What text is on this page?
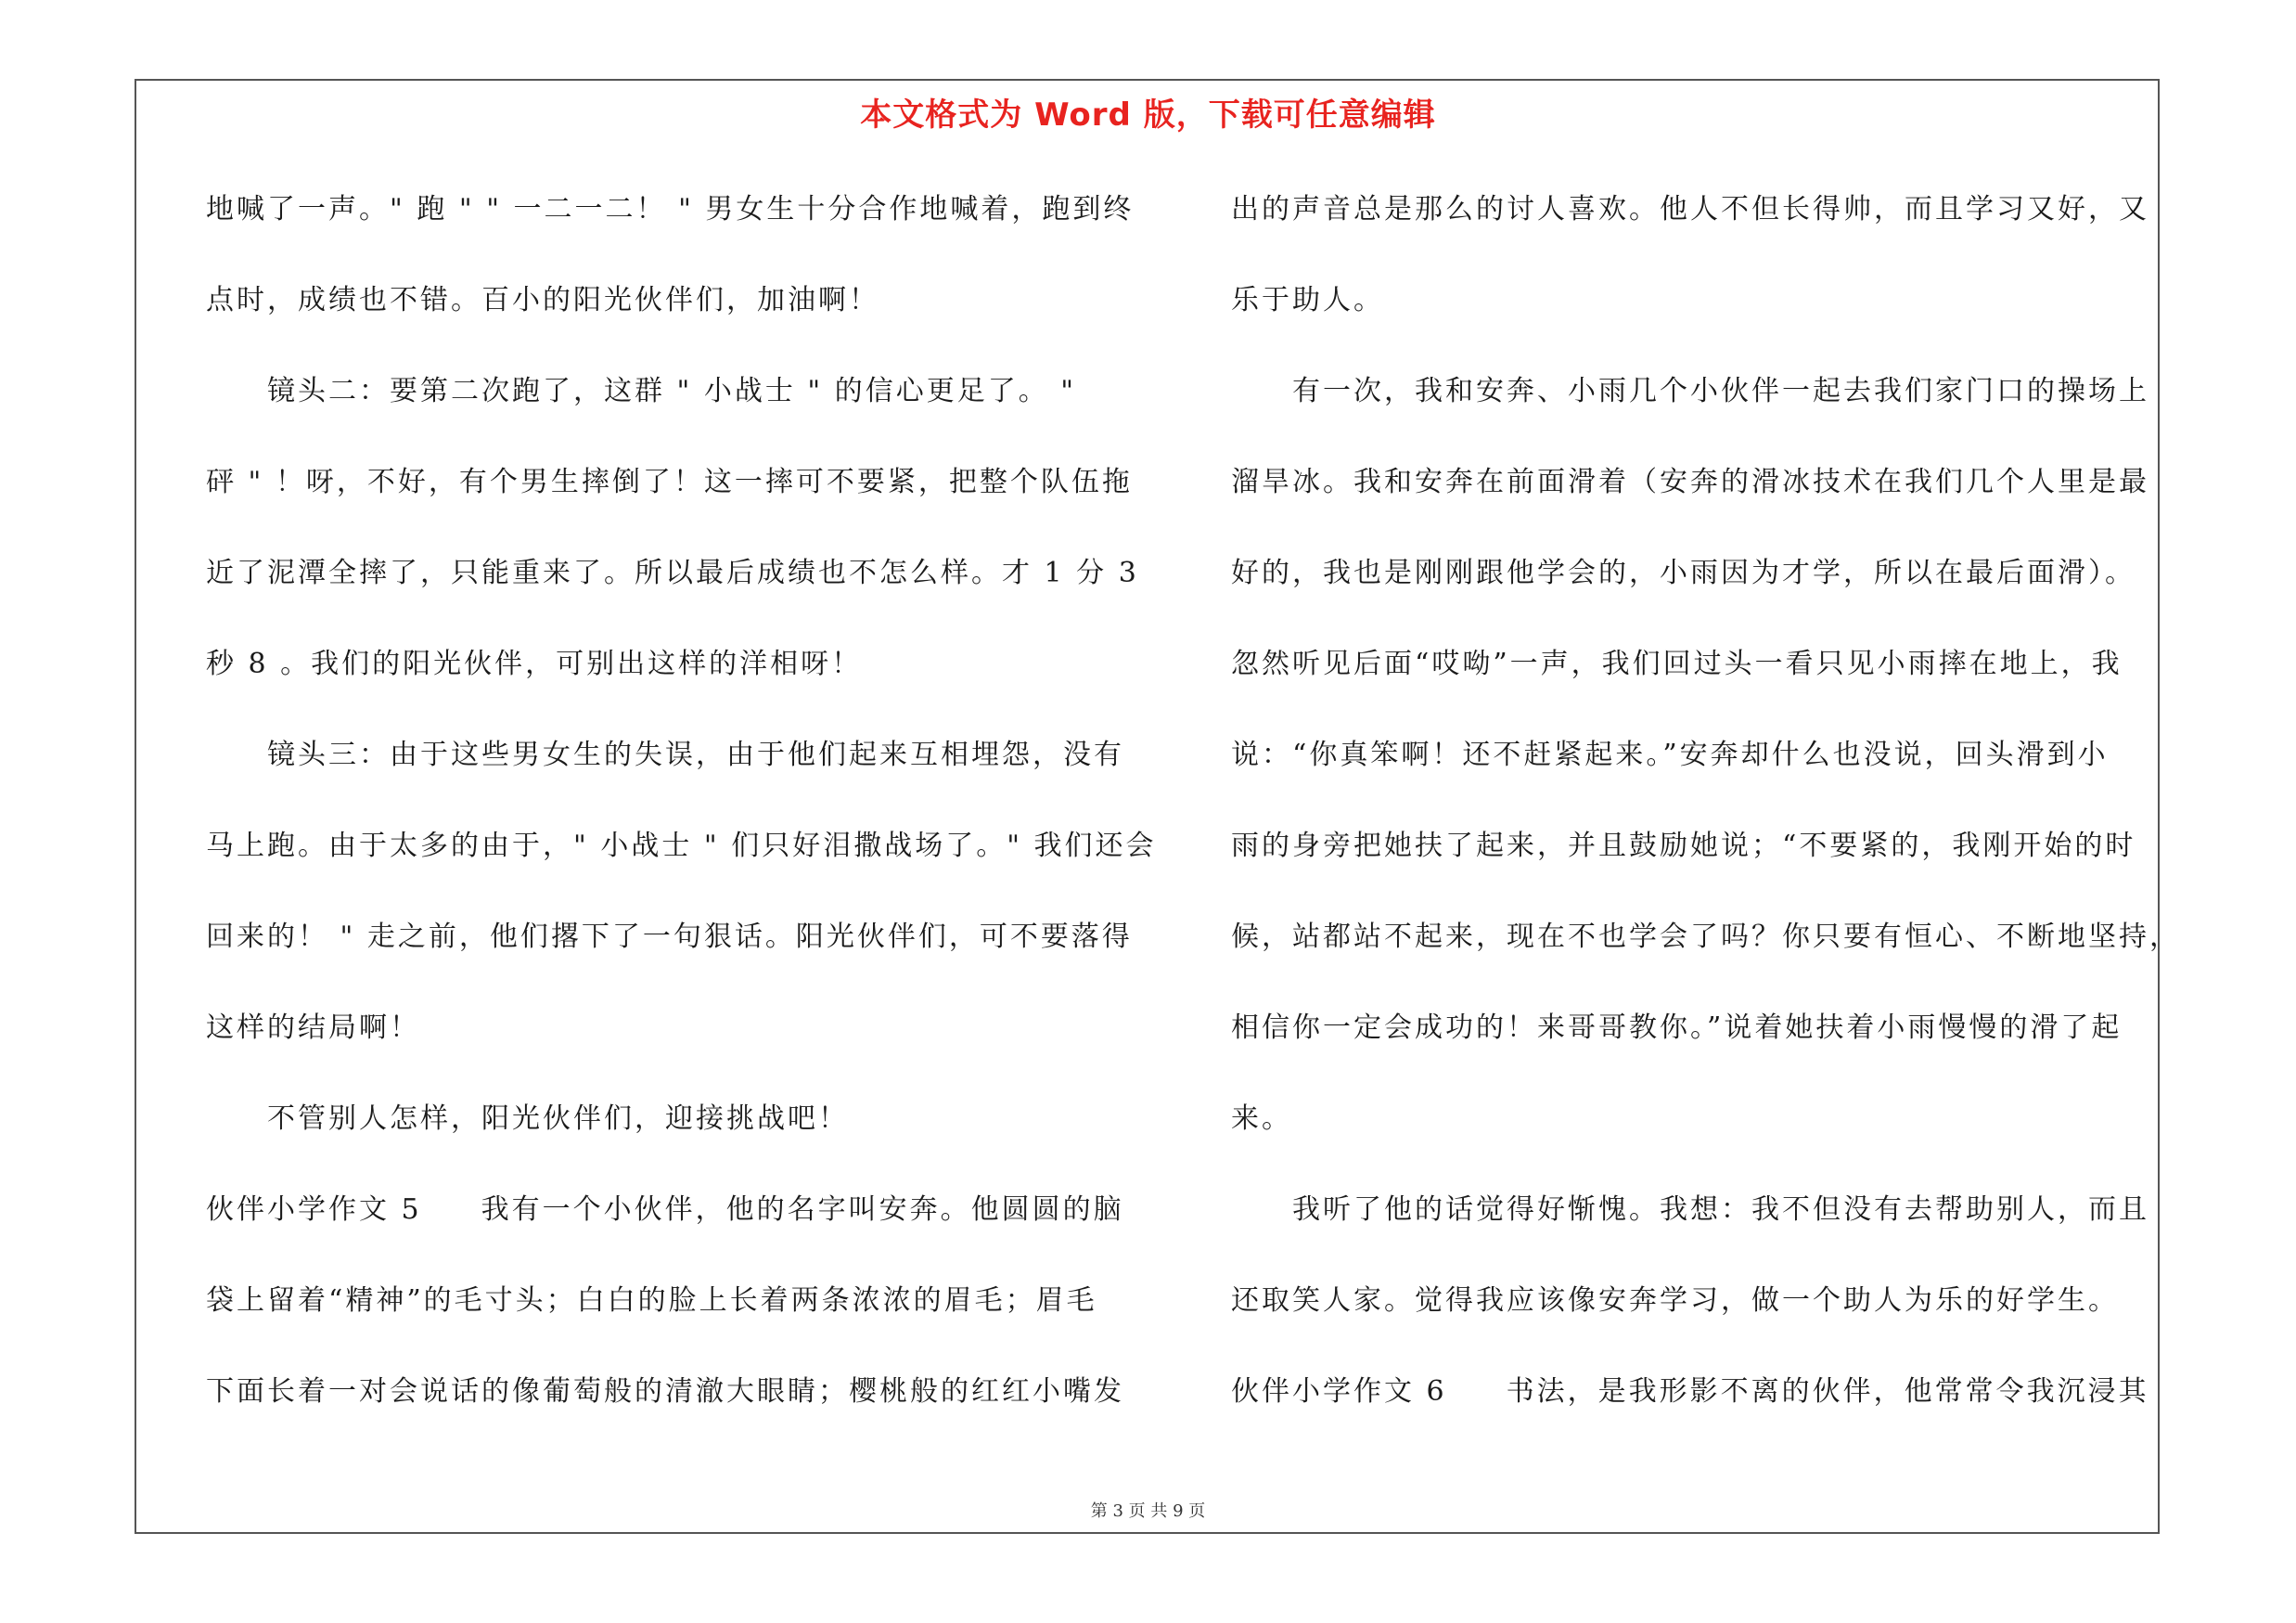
本文格式为 Word 版，下载可任意编辑
地喊了一声。" 跑 " " 一二一二！ " 男女生十分合作地喊着，跑到终
点时，成绩也不错。百小的阳光伙伴们，加油啊！
镜头二：要第二次跑了，这群 " 小战士 " 的信心更足了。 "
砰 " ！呀，不好，有个男生摔倒了！这一摔可不要紧，把整个队伍拖
近了泥潭全摔了，只能重来了。所以最后成绩也不怎么样。才 1 分 3
秒 8 。我们的阳光伙伴，可别出这样的洋相呀！
镜头三：由于这些男女生的失误，由于他们起来互相埋怨，没有
马上跑。由于太多的由于，" 小战士 " 们只好泪撒战场了。" 我们还会
回来的！ " 走之前，他们撂下了一句狠话。阳光伙伴们，可不要落得
这样的结局啊！
不管别人怎样，阳光伙伴们，迎接挑战吧！
伙伴小学作文 5 我有一个小伙伴，他的名字叫安奔。他圆圆的脑
袋上留着“精神”的毛寸头；白白的脸上长着两条浓浓的眉毛；眉毛
下面长着一对会说话的像葡萄般的清澈大眼睛；樱桃般的红红小嘴发
出的声音总是那么的讨人喜欢。他人不但长得帅，而且学习又好，又
乐于助人。
有一次，我和安奔、小雨几个小伙伴一起去我们家门口的操场上
溜旱冰。我和安奔在前面滑着（安奔的滑冰技术在我们几个人里是最
好的，我也是刚刚跟他学会的，小雨因为才学，所以在最后面滑）。
忽然听见后面“哎呦”一声，我们回过头一看只见小雨摔在地上，我
说：“你真笨啊！还不赶紧起来。”安奔却什么也没说，回头滑到小
雨的身旁把她扶了起来，并且鼓励她说；“不要紧的，我刚开始的时
候，站都站不起来，现在不也学会了吗？你只要有恒心、不断地坚持，
相信你一定会成功的！来哥哥教你。”说着她扶着小雨慢慢的滑了起
来。
我听了他的话觉得好惭愧。我想：我不但没有去帮助别人，而且
还取笑人家。觉得我应该像安奔学习，做一个助人为乐的好学生。
伙伴小学作文 6 书法，是我形影不离的伙伴，他常常令我沉浸其
第 3 页 共 9 页
